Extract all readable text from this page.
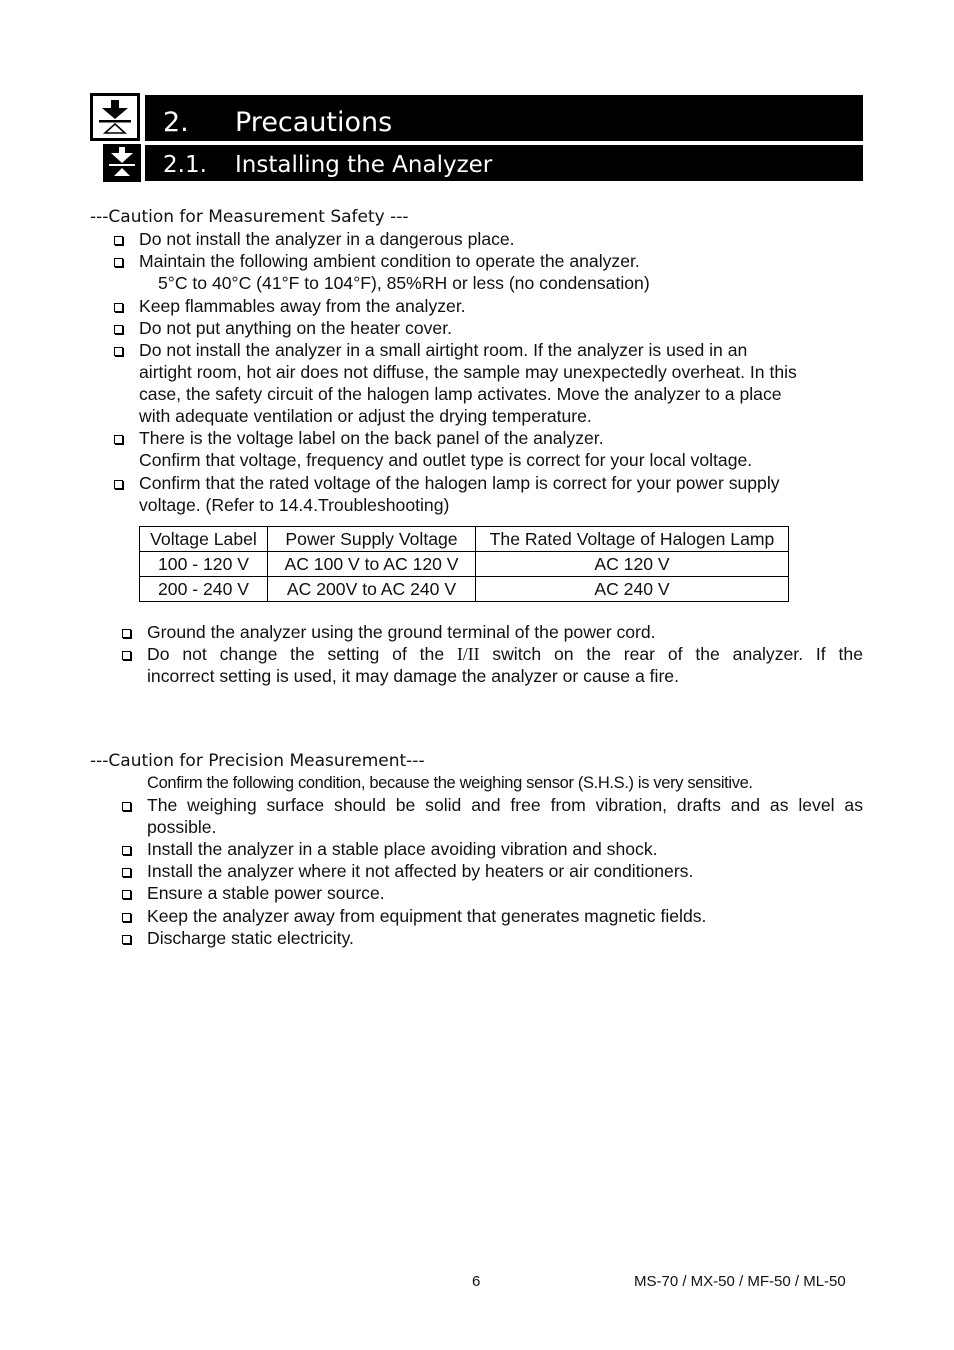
2. Precautions
2.1. Installing the Analyzer
---Caution for Measurement Safety ---
Do not install the analyzer in a dangerous place.
Maintain the following ambient condition to operate the analyzer.
5°C to 40°C (41°F to 104°F), 85%RH or less (no condensation)
Keep flammables away from the analyzer.
Do not put anything on the heater cover.
Do not install the analyzer in a small airtight room. If the analyzer is used in an
airtight room, hot air does not diffuse, the sample may unexpectedly overheat. In this
case, the safety circuit of the halogen lamp activates. Move the analyzer to a place
with adequate ventilation or adjust the drying temperature.
There is the voltage label on the back panel of the analyzer.
Confirm that voltage, frequency and outlet type is correct for your local voltage.
Confirm that the rated voltage of the halogen lamp is correct for your power supply
voltage. (Refer to 14.4.Troubleshooting)
Voltage Label	Power Supply Voltage	The Rated Voltage of Halogen Lamp
100 - 120 V	AC 100 V to AC 120 V	AC 120 V
200 - 240 V	AC 200V to AC 240 V	AC 240 V
Ground the analyzer using the ground terminal of the power cord.
Do not change the setting of the I/II switch on the rear of the analyzer. If the
incorrect setting is used, it may damage the analyzer or cause a fire.
---Caution for Precision Measurement---
Confirm the following condition, because the weighing sensor (S.H.S.) is very sensitive.
The weighing surface should be solid and free from vibration, drafts and as level as
possible.
Install the analyzer in a stable place avoiding vibration and shock.
Install the analyzer where it not affected by heaters or air conditioners.
Ensure a stable power source.
Keep the analyzer away from equipment that generates magnetic fields.
Discharge static electricity.
6	MS-70 / MX-50 / MF-50 / ML-50
